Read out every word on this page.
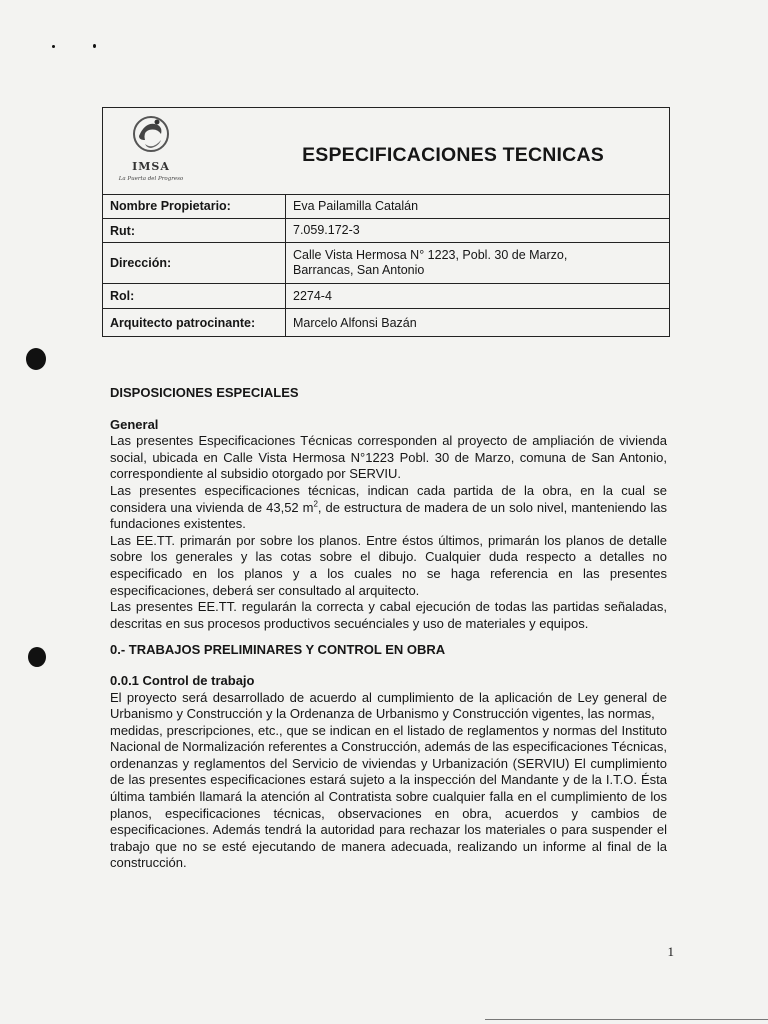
IMSA
La Puerta del Progreso
ESPECIFICACIONES TECNICAS
Nombre Propietario:	Eva Pailamilla Catalán
Rut:	7.059.172-3
Dirección:
Calle Vista Hermosa N° 1223, Pobl. 30 de Marzo,
Barrancas, San Antonio
Rol:	2274-4
Arquitecto patrocinante:	Marcelo Alfonsi Bazán
DISPOSICIONES ESPECIALES
General

Las presentes Especificaciones Técnicas corresponden al proyecto de ampliación de vivienda social, ubicada en Calle Vista Hermosa N°1223 Pobl. 30 de Marzo, comuna de San Antonio, correspondiente al subsidio otorgado por SERVIU.

Las presentes especificaciones técnicas, indican cada partida de la obra, en la cual se considera una vivienda de 43,52 $m^2$, de estructura de madera de un solo nivel, manteniendo las fundaciones existentes.

Las EE.TT. primarán por sobre los planos. Entre éstos últimos, primarán los planos de detalle sobre los generales y las cotas sobre el dibujo. Cualquier duda respecto a detalles no especificado en los planos y a los cuales no se haga referencia en las presentes especificaciones, deberá ser consultado al arquitecto.

Las presentes EE.TT. regularán la correcta y cabal ejecución de todas las partidas señaladas, descritas en sus procesos productivos secuénciales y uso de materiales y equipos.

0.- TRABAJOS PRELIMINARES Y CONTROL EN OBRA
0.0.1 Control de trabajo

El proyecto será desarrollado de acuerdo al cumplimiento de la aplicación de Ley general de Urbanismo y Construcción y la Ordenanza de Urbanismo y Construcción vigentes, las normas,

medidas, prescripciones, etc., que se indican en el listado de reglamentos y normas del Instituto Nacional de Normalización referentes a Construcción, además de las especificaciones Técnicas, ordenanzas y reglamentos del Servicio de viviendas y Urbanización (SERVIU) El cumplimiento de las presentes especificaciones estará sujeto a la inspección del Mandante y de la I.T.O. Ésta última también llamará la atención al Contratista sobre cualquier falla en el cumplimiento de los planos, especificaciones técnicas, observaciones en obra, acuerdos y cambios de especificaciones. Además tendrá la autoridad para rechazar los materiales o para suspender el trabajo que no se esté ejecutando de manera adecuada, realizando un informe al final de la construcción.

1
